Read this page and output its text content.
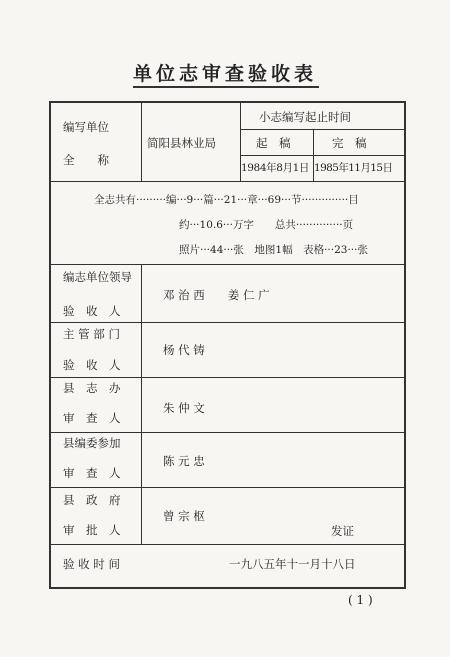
单位志审查验收表
编写单位
全　　称
简阳县林业局
小志编写起止时间
起　稿	完　稿
1984年8月1日 1985年11月15日
全志共有·········编···9···篇···21···章···69···节··············目
约···10.6···万字　　总共··············页
照片···44···张　地图1幅　表格···23···张
编志单位领导
验　收　人
邓 治 西　　姜 仁 广
主 管 部 门
验　收　人
杨 代 铸
县　志　办
审　查　人
朱 仲 文
县编委参加
审　查　人
陈 元 忠
县　政　府
审　批　人
曾 宗 枢
发证
验 收 时 间	一九八五年十一月十八日
( 1 )
